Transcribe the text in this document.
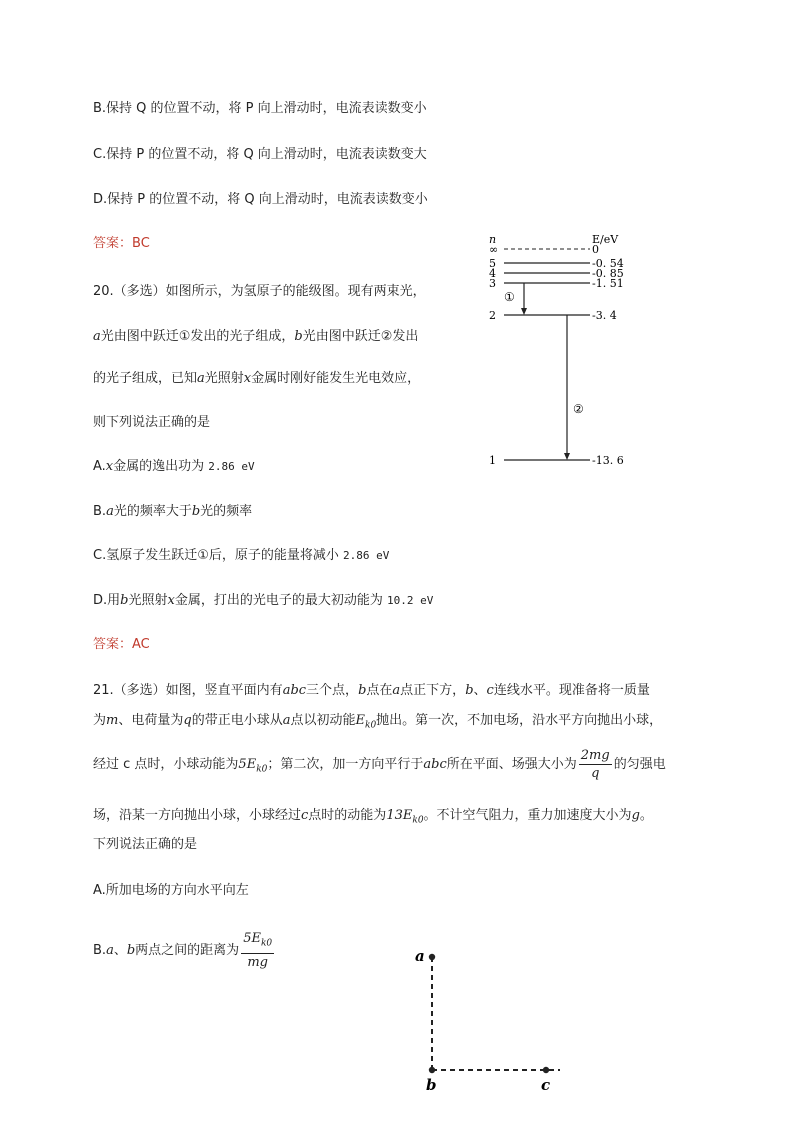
B.保持 Q 的位置不动，将 P 向上滑动时，电流表读数变小
C.保持 P 的位置不动，将 Q 向上滑动时，电流表读数变大
D.保持 P 的位置不动，将 Q 向上滑动时，电流表读数变小
答案：BC
20.（多选）如图所示，为氢原子的能级图。现有两束光，
a光由图中跃迁①发出的光子组成，b光由图中跃迁②发出
的光子组成，已知a光照射x金属时刚好能发生光电效应，
则下列说法正确的是
A.x金属的逸出功为 2.86 eV
B.a光的频率大于b光的频率
C.氢原子发生跃迁①后，原子的能量将减小 2.86 eV
D.用b光照射x金属，打出的光电子的最大初动能为 10.2 eV
答案：AC
n	E/eV
∞	0
5	-0. 54
4	-0. 85
3	-1. 51
2	-3. 4
1	-13. 6
①
②
21.（多选）如图，竖直平面内有abc三个点，b点在a点正下方，b、c连线水平。现准备将一质量
为m、电荷量为q的带正电小球从a点以初动能$E_{k0}$抛出。第一次，不加电场，沿水平方向抛出小球，
经过 c 点时，小球动能为$5E_{k0}$；第二次，加一方向平行于abc所在平面、场强大小为 $\frac{2mg}{q}$ 的匀强电
场，沿某一方向抛出小球，小球经过c点时的动能为$13E_{k0}$。不计空气阻力，重力加速度大小为g。
下列说法正确的是
A.所加电场的方向水平向左
B.a、b两点之间的距离为 $\frac{5E_{k0}}{mg}$	a
b	c
